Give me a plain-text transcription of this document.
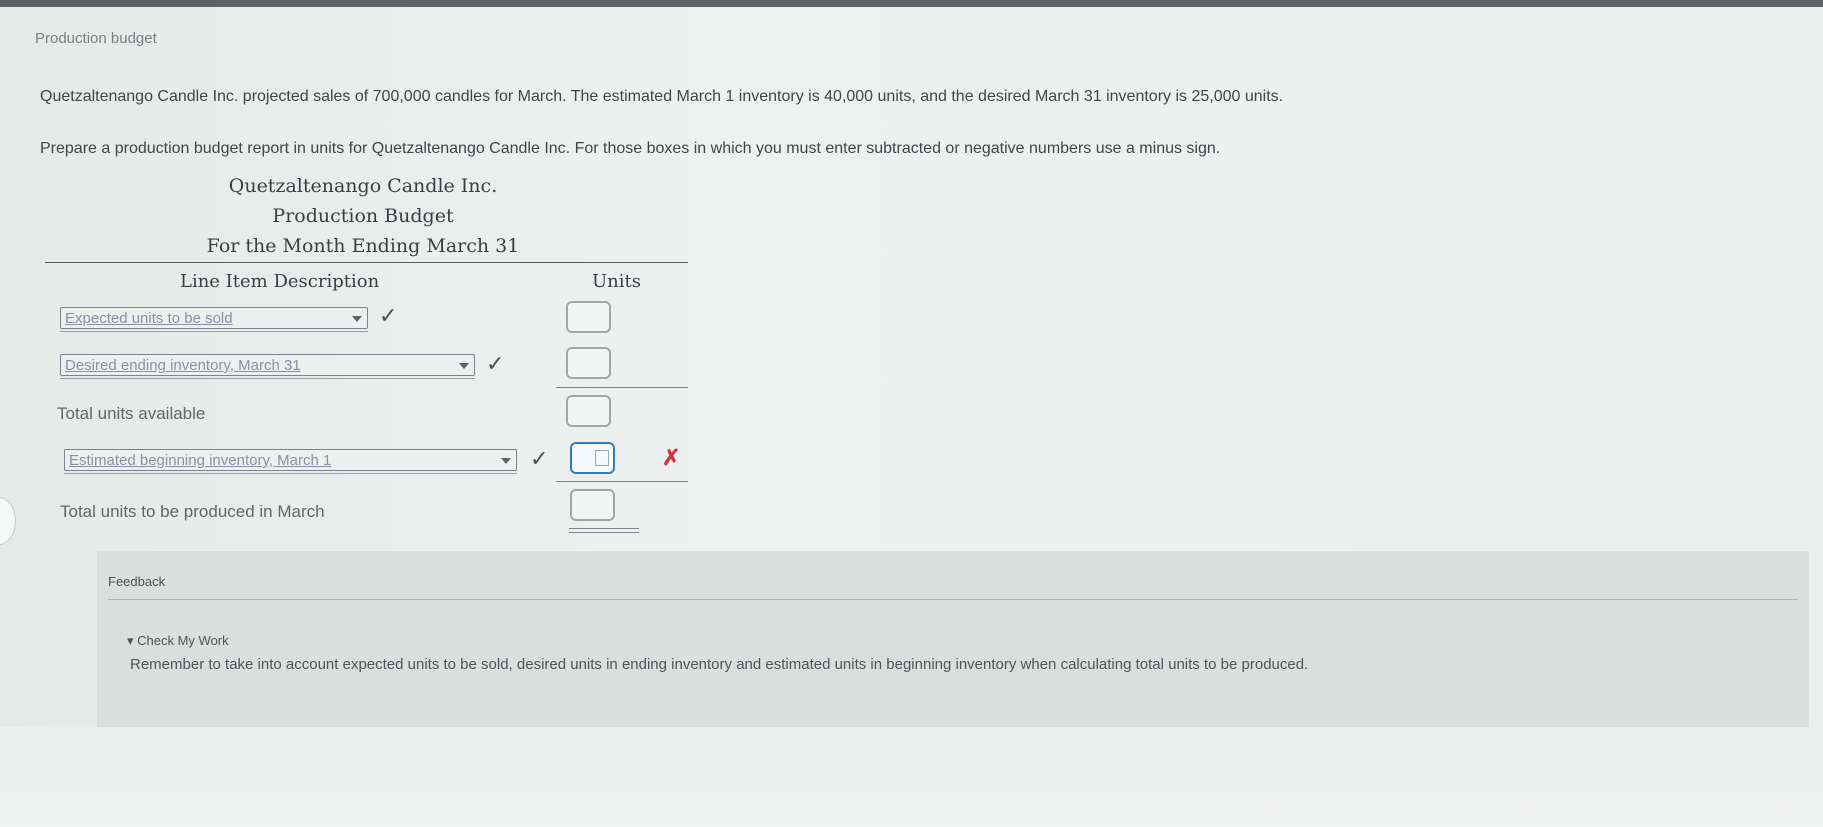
Production budget
Quetzaltenango Candle Inc. projected sales of 700,000 candles for March. The estimated March 1 inventory is 40,000 units, and the desired March 31 inventory is 25,000 units.
Prepare a production budget report in units for Quetzaltenango Candle Inc. For those boxes in which you must enter subtracted or negative numbers use a minus sign.
Quetzaltenango Candle Inc.
Production Budget
For the Month Ending March 31
Line Item Description	Units
Expected units to be sold	✓
Desired ending inventory, March 31	✓
Total units available
Estimated beginning inventory, March 1	✓	✗
Total units to be produced in March
Feedback
▾ Check My Work
Remember to take into account expected units to be sold, desired units in ending inventory and estimated units in beginning inventory when calculating total units to be produced.
